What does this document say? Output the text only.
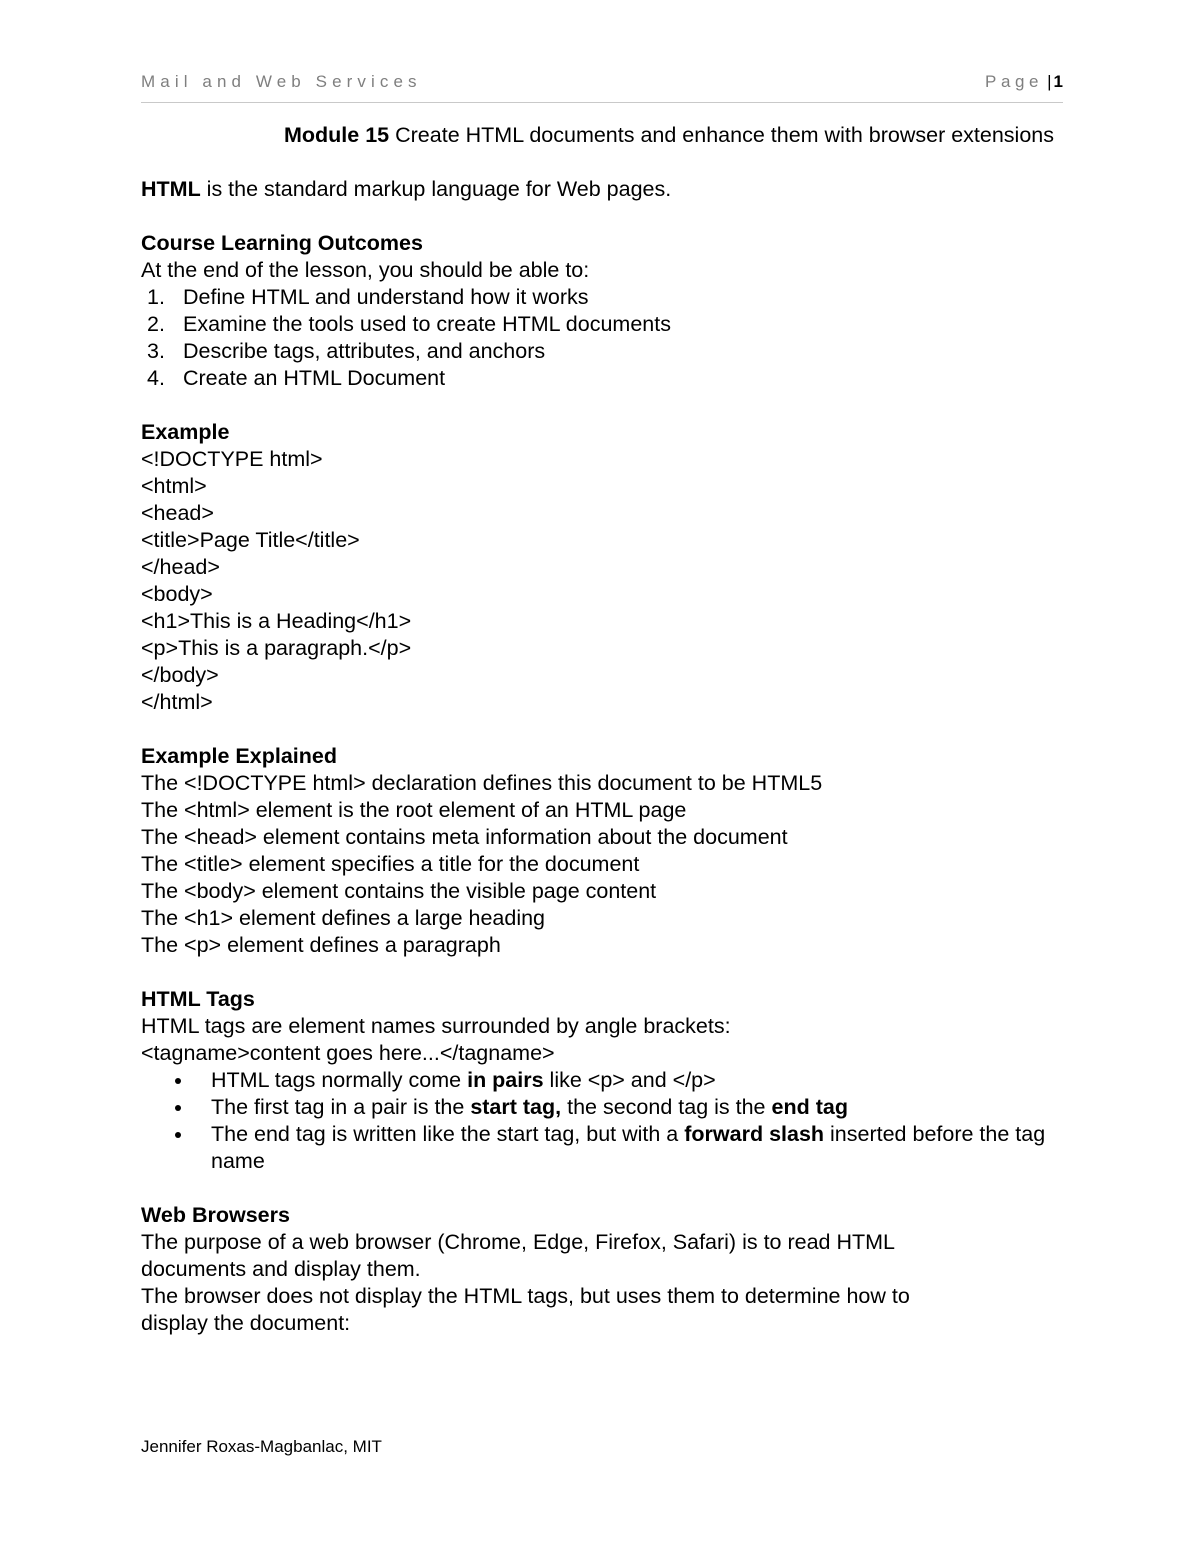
Mail and Web Services	Page | 1
Module 15 Create HTML documents and enhance them with browser extensions
HTML is the standard markup language for Web pages.
Course Learning Outcomes
At the end of the lesson, you should be able to:
1. Define HTML and understand how it works
2. Examine the tools used to create HTML documents
3. Describe tags, attributes, and anchors
4. Create an HTML Document
Example
<!DOCTYPE html>
<html>
<head>
<title>Page Title</title>
</head>
<body>
<h1>This is a Heading</h1>
<p>This is a paragraph.</p>
</body>
</html>
Example Explained
The <!DOCTYPE html> declaration defines this document to be HTML5
The <html> element is the root element of an HTML page
The <head> element contains meta information about the document
The <title> element specifies a title for the document
The <body> element contains the visible page content
The <h1> element defines a large heading
The <p> element defines a paragraph
HTML Tags
HTML tags are element names surrounded by angle brackets:
<tagname>content goes here...</tagname>
HTML tags normally come in pairs like <p> and </p>
The first tag in a pair is the start tag, the second tag is the end tag
The end tag is written like the start tag, but with a forward slash inserted before the tag name
Web Browsers
The purpose of a web browser (Chrome, Edge, Firefox, Safari) is to read HTML
documents and display them.
The browser does not display the HTML tags, but uses them to determine how to
display the document:
Jennifer Roxas-Magbanlac, MIT
